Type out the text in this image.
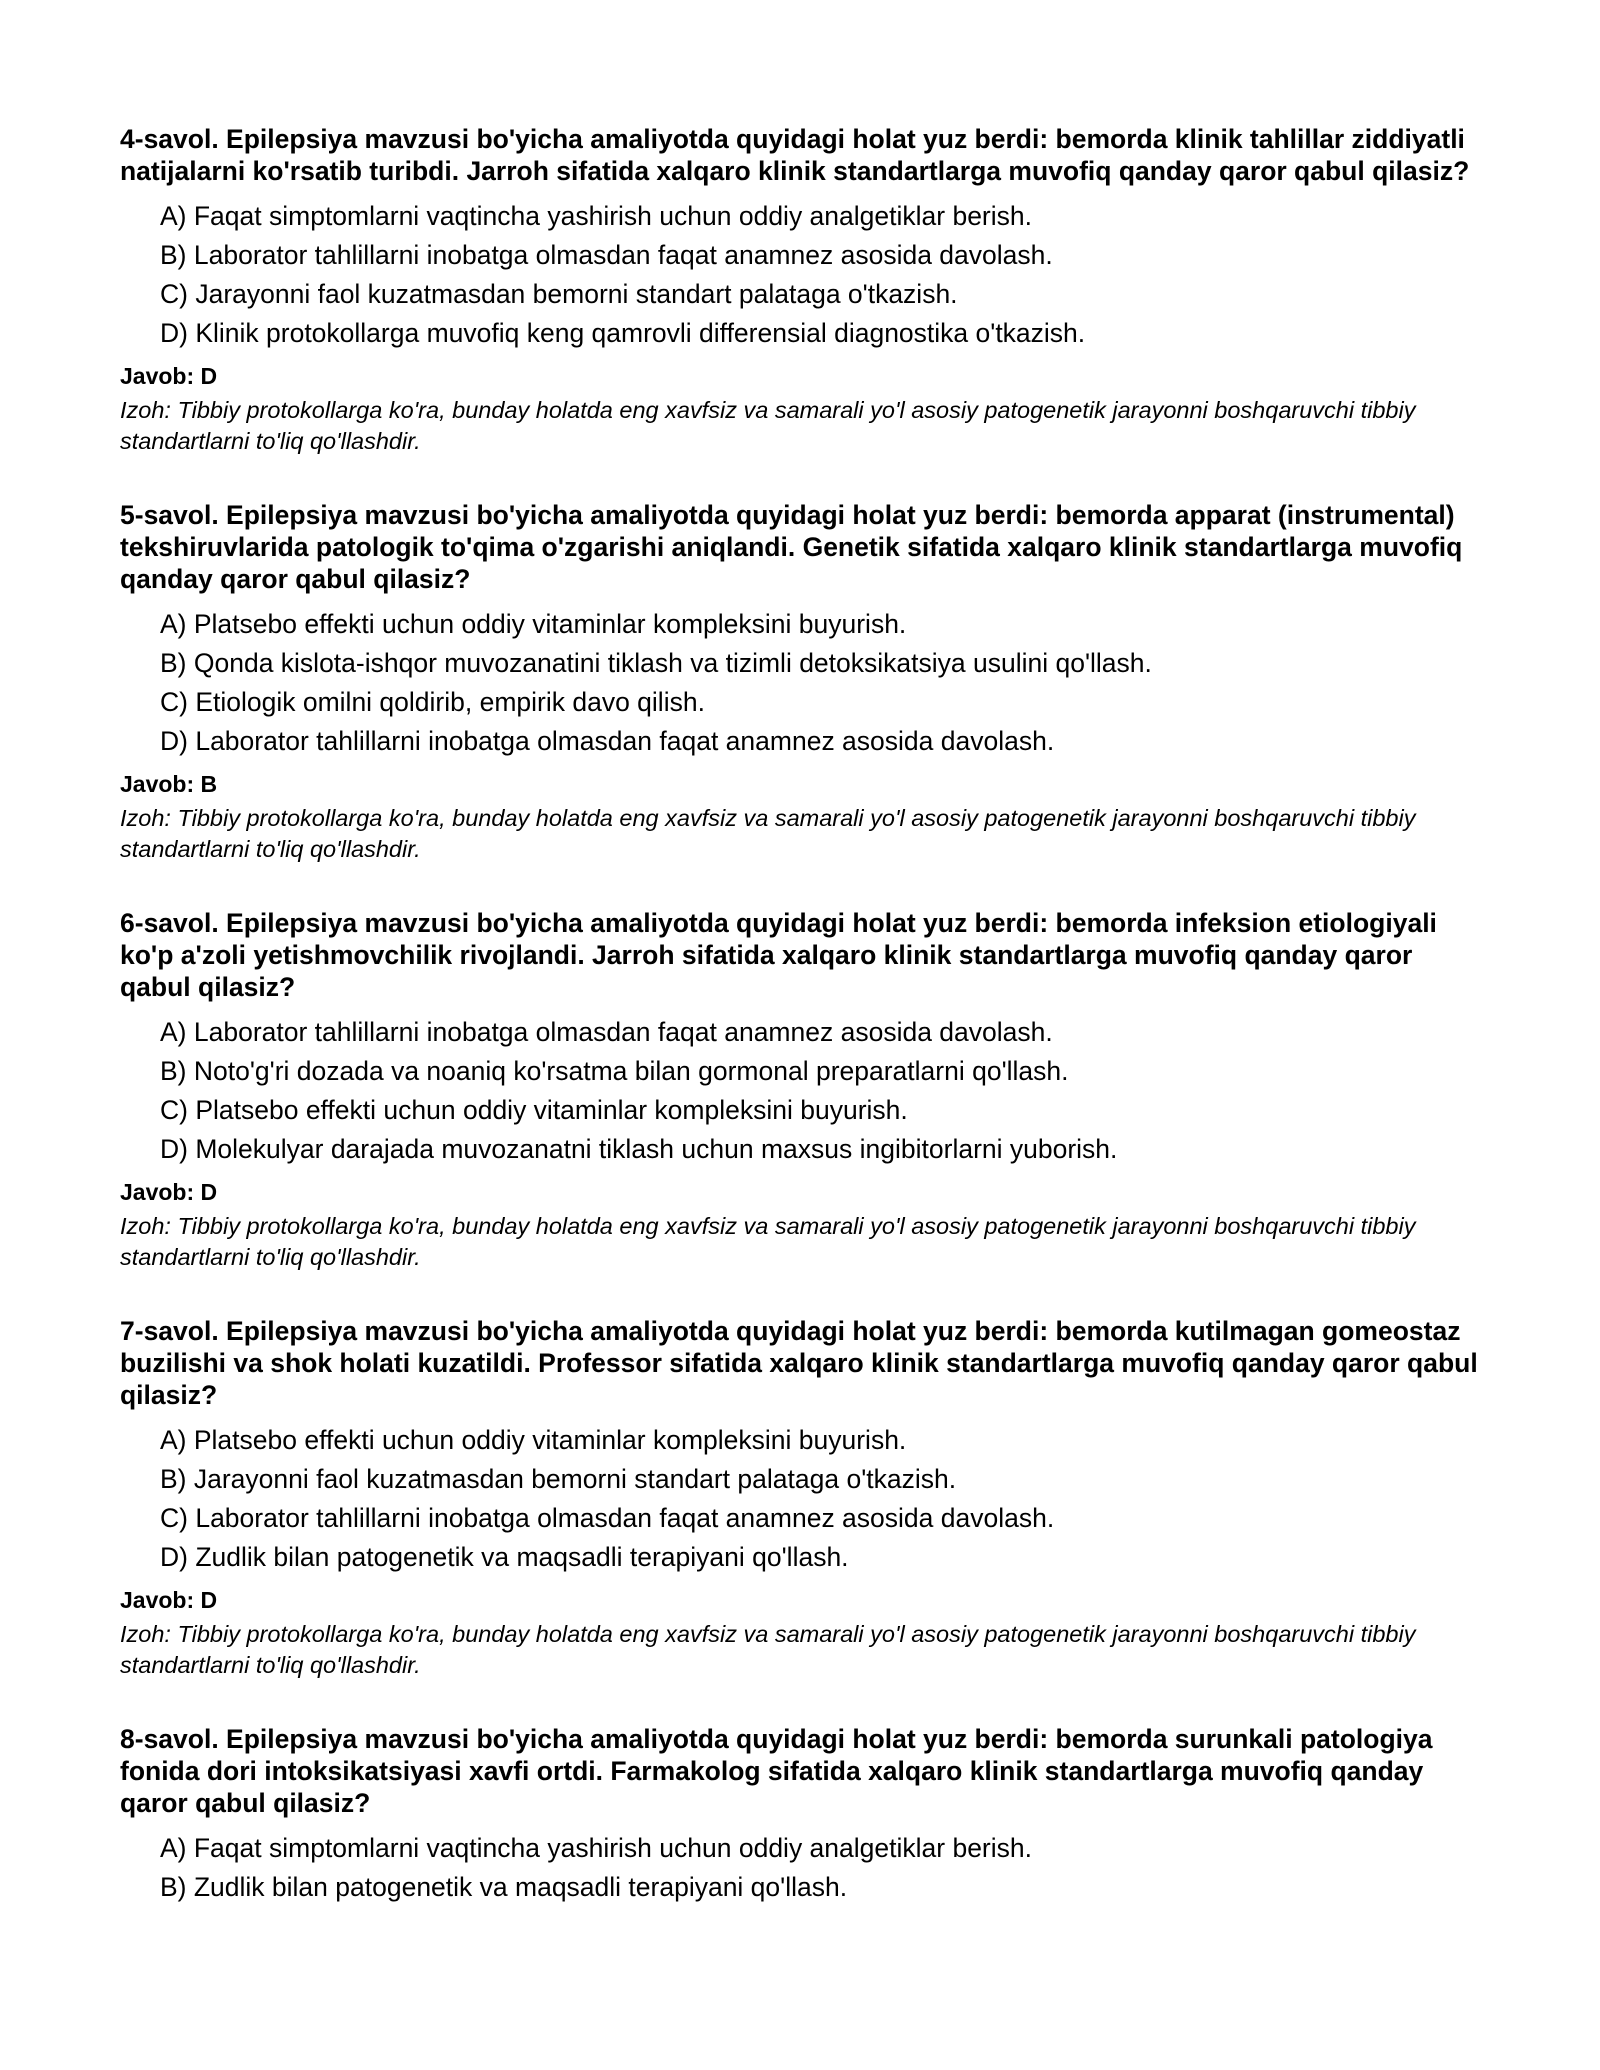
4-savol. Epilepsiya mavzusi bo'yicha amaliyotda quyidagi holat yuz berdi: bemorda klinik tahlillar ziddiyatli natijalarni ko'rsatib turibdi. Jarroh sifatida xalqaro klinik standartlarga muvofiq qanday qaror qabul qilasiz?
A) Faqat simptomlarni vaqtincha yashirish uchun oddiy analgetiklar berish.
B) Laborator tahlillarni inobatga olmasdan faqat anamnez asosida davolash.
C) Jarayonni faol kuzatmasdan bemorni standart palataga o'tkazish.
D) Klinik protokollarga muvofiq keng qamrovli differensial diagnostika o'tkazish.
Javob: D

Izoh: Tibbiy protokollarga ko'ra, bunday holatda eng xavfsiz va samarali yo'l asosiy patogenetik jarayonni boshqaruvchi tibbiy standartlarni to'liq qo'llashdir.

5-savol. Epilepsiya mavzusi bo'yicha amaliyotda quyidagi holat yuz berdi: bemorda apparat (instrumental) tekshiruvlarida patologik to'qima o'zgarishi aniqlandi. Genetik sifatida xalqaro klinik standartlarga muvofiq qanday qaror qabul qilasiz?
A) Platsebo effekti uchun oddiy vitaminlar kompleksini buyurish.
B) Qonda kislota-ishqor muvozanatini tiklash va tizimli detoksikatsiya usulini qo'llash.
C) Etiologik omilni qoldirib, empirik davo qilish.
D) Laborator tahlillarni inobatga olmasdan faqat anamnez asosida davolash.
Javob: B

Izoh: Tibbiy protokollarga ko'ra, bunday holatda eng xavfsiz va samarali yo'l asosiy patogenetik jarayonni boshqaruvchi tibbiy standartlarni to'liq qo'llashdir.

6-savol. Epilepsiya mavzusi bo'yicha amaliyotda quyidagi holat yuz berdi: bemorda infeksion etiologiyali ko'p a'zoli yetishmovchilik rivojlandi. Jarroh sifatida xalqaro klinik standartlarga muvofiq qanday qaror qabul qilasiz?
A) Laborator tahlillarni inobatga olmasdan faqat anamnez asosida davolash.
B) Noto'g'ri dozada va noaniq ko'rsatma bilan gormonal preparatlarni qo'llash.
C) Platsebo effekti uchun oddiy vitaminlar kompleksini buyurish.
D) Molekulyar darajada muvozanatni tiklash uchun maxsus ingibitorlarni yuborish.
Javob: D

Izoh: Tibbiy protokollarga ko'ra, bunday holatda eng xavfsiz va samarali yo'l asosiy patogenetik jarayonni boshqaruvchi tibbiy standartlarni to'liq qo'llashdir.

7-savol. Epilepsiya mavzusi bo'yicha amaliyotda quyidagi holat yuz berdi: bemorda kutilmagan gomeostaz buzilishi va shok holati kuzatildi. Professor sifatida xalqaro klinik standartlarga muvofiq qanday qaror qabul qilasiz?
A) Platsebo effekti uchun oddiy vitaminlar kompleksini buyurish.
B) Jarayonni faol kuzatmasdan bemorni standart palataga o'tkazish.
C) Laborator tahlillarni inobatga olmasdan faqat anamnez asosida davolash.
D) Zudlik bilan patogenetik va maqsadli terapiyani qo'llash.
Javob: D

Izoh: Tibbiy protokollarga ko'ra, bunday holatda eng xavfsiz va samarali yo'l asosiy patogenetik jarayonni boshqaruvchi tibbiy standartlarni to'liq qo'llashdir.

8-savol. Epilepsiya mavzusi bo'yicha amaliyotda quyidagi holat yuz berdi: bemorda surunkali patologiya fonida dori intoksikatsiyasi xavfi ortdi. Farmakolog sifatida xalqaro klinik standartlarga muvofiq qanday qaror qabul qilasiz?
A) Faqat simptomlarni vaqtincha yashirish uchun oddiy analgetiklar berish.
B) Zudlik bilan patogenetik va maqsadli terapiyani qo'llash.
